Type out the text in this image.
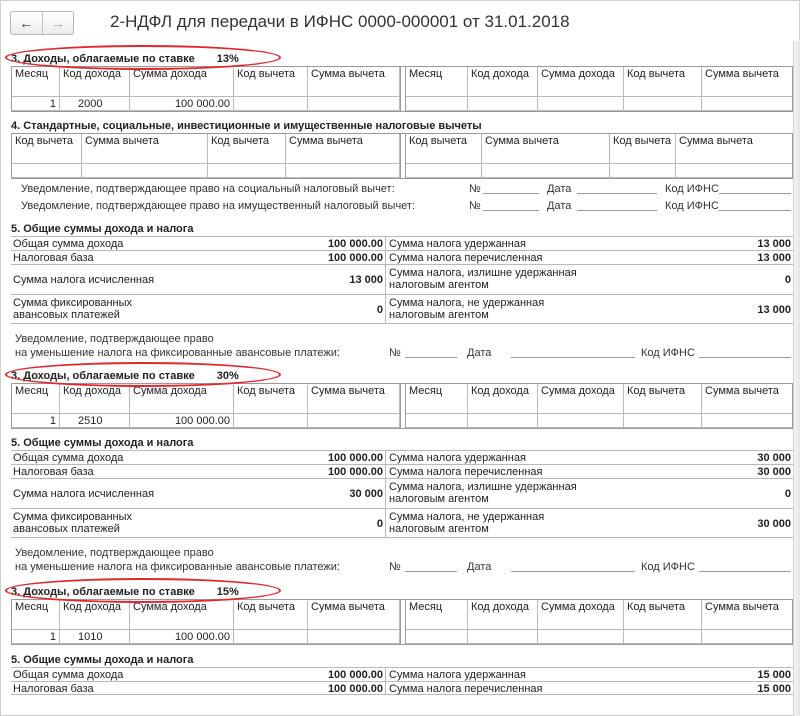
←	→	2-НДФЛ для передачи в ИФНС 0000-000001 от 31.01.2018
3. Доходы, облагаемые по ставке 13%
Месяц	Код дохода	Сумма дохода	Код вычета	Сумма вычета	Месяц	Код дохода	Сумма дохода	Код вычета	Сумма вычета
1	2000	100 000.00
4. Стандартные, социальные, инвестиционные и имущественные налоговые вычеты
Код вычета	Сумма вычета	Код вычета	Сумма вычета	Код вычета	Сумма вычета	Код вычета Сумма вычета
Уведомление, подтверждающее право на социальный налоговый вычет:	№	Дата	Код ИФНС
Уведомление, подтверждающее право на имущественный налоговый вычет:	№	Дата	Код ИФНС
5. Общие суммы дохода и налога
Общая сумма дохода	100 000.00 Сумма налога удержанная	13 000
Налоговая база	100 000.00 Сумма налога перечисленная	13 000
Сумма налога исчисленная	13 000
Сумма налога, излишне удержанная налоговым агентом	0
Сумма фиксированных авансовых платежей	0
Сумма налога, не удержанная налоговым агентом	13 000
Уведомление, подтверждающее право
на уменьшение налога на фиксированные авансовые платежи:	№	Дата	Код ИФНС
3. Доходы, облагаемые по ставке 30%
Месяц	Код дохода	Сумма дохода	Код вычета	Сумма вычета	Месяц	Код дохода	Сумма дохода	Код вычета	Сумма вычета
1	2510	100 000.00
5. Общие суммы дохода и налога
Общая сумма дохода	100 000.00 Сумма налога удержанная	30 000
Налоговая база	100 000.00 Сумма налога перечисленная	30 000
Сумма налога исчисленная	30 000
Сумма налога, излишне удержанная налоговым агентом	0
Сумма фиксированных авансовых платежей	0
Сумма налога, не удержанная налоговым агентом	30 000
Уведомление, подтверждающее право
на уменьшение налога на фиксированные авансовые платежи:	№	Дата	Код ИФНС
3. Доходы, облагаемые по ставке 15%
Месяц	Код дохода	Сумма дохода	Код вычета	Сумма вычета	Месяц	Код дохода	Сумма дохода	Код вычета	Сумма вычета
1	1010	100 000.00
5. Общие суммы дохода и налога
Общая сумма дохода	100 000.00 Сумма налога удержанная	15 000
Налоговая база	100 000.00 Сумма налога перечисленная	15 000
